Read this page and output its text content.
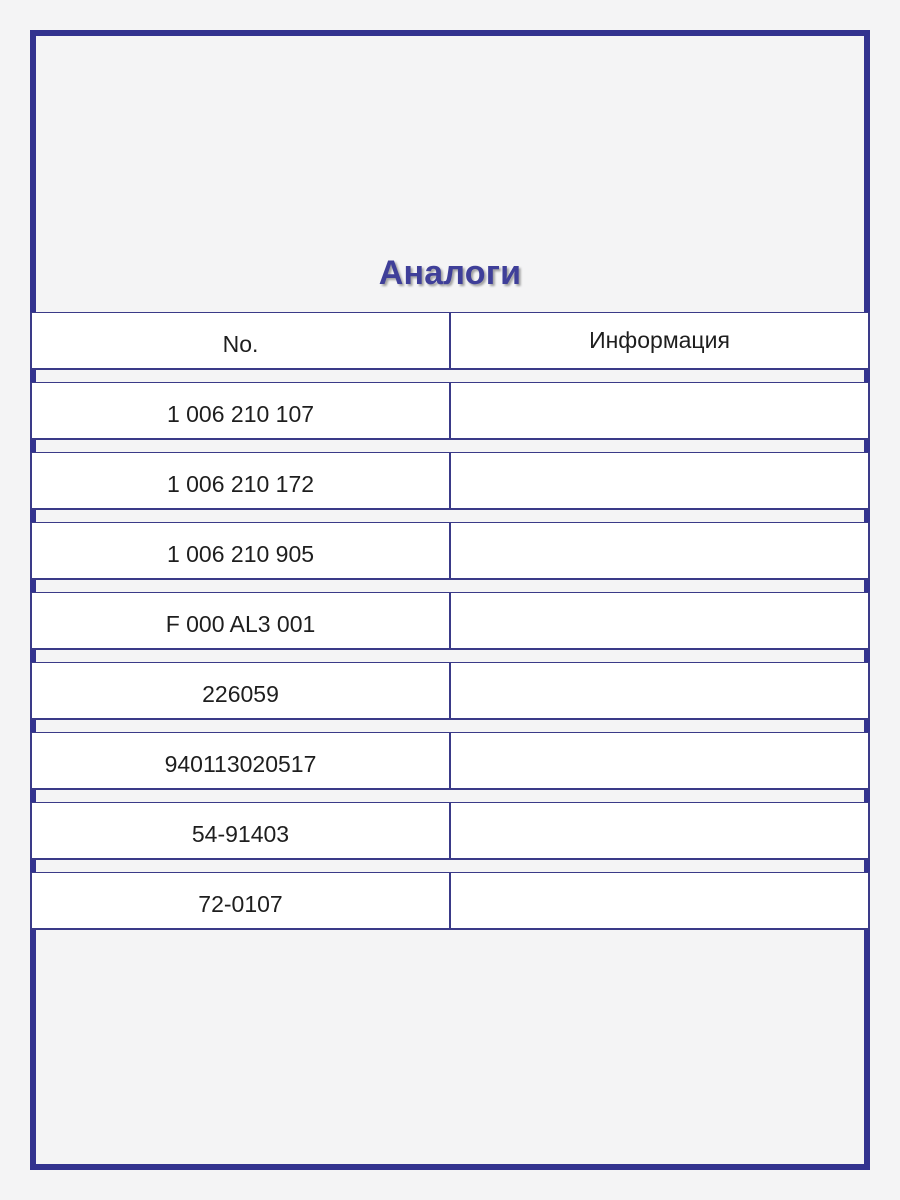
Аналоги
No.	Информация
1 006 210 107
1 006 210 172
1 006 210 905
F 000 AL3 001
226059
940113020517
54-91403
72-0107
